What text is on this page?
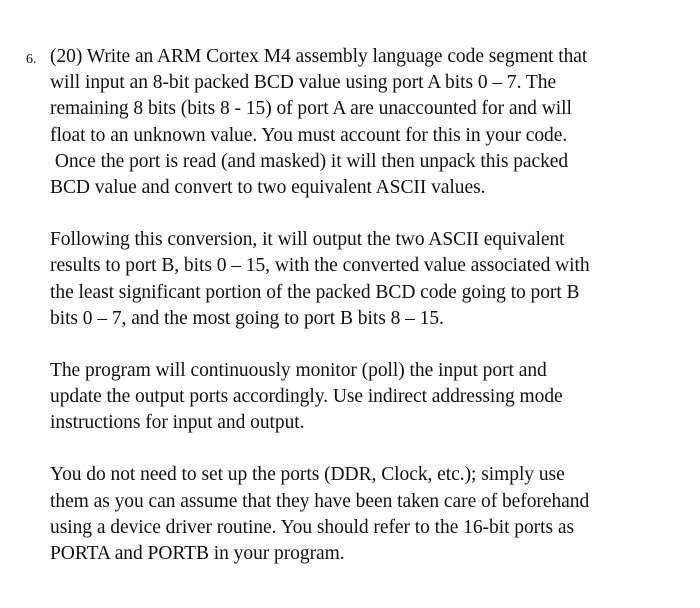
6. (20) Write an ARM Cortex M4 assembly language code segment that
will input an 8-bit packed BCD value using port A bits 0 – 7. The
remaining 8 bits (bits 8 - 15) of port A are unaccounted for and will
float to an unknown value. You must account for this in your code.
Once the port is read (and masked) it will then unpack this packed
BCD value and convert to two equivalent ASCII values.

Following this conversion, it will output the two ASCII equivalent
results to port B, bits 0 – 15, with the converted value associated with
the least significant portion of the packed BCD code going to port B
bits 0 – 7, and the most going to port B bits 8 – 15.

The program will continuously monitor (poll) the input port and
update the output ports accordingly. Use indirect addressing mode
instructions for input and output.

You do not need to set up the ports (DDR, Clock, etc.); simply use
them as you can assume that they have been taken care of beforehand
using a device driver routine. You should refer to the 16-bit ports as
PORTA and PORTB in your program.
